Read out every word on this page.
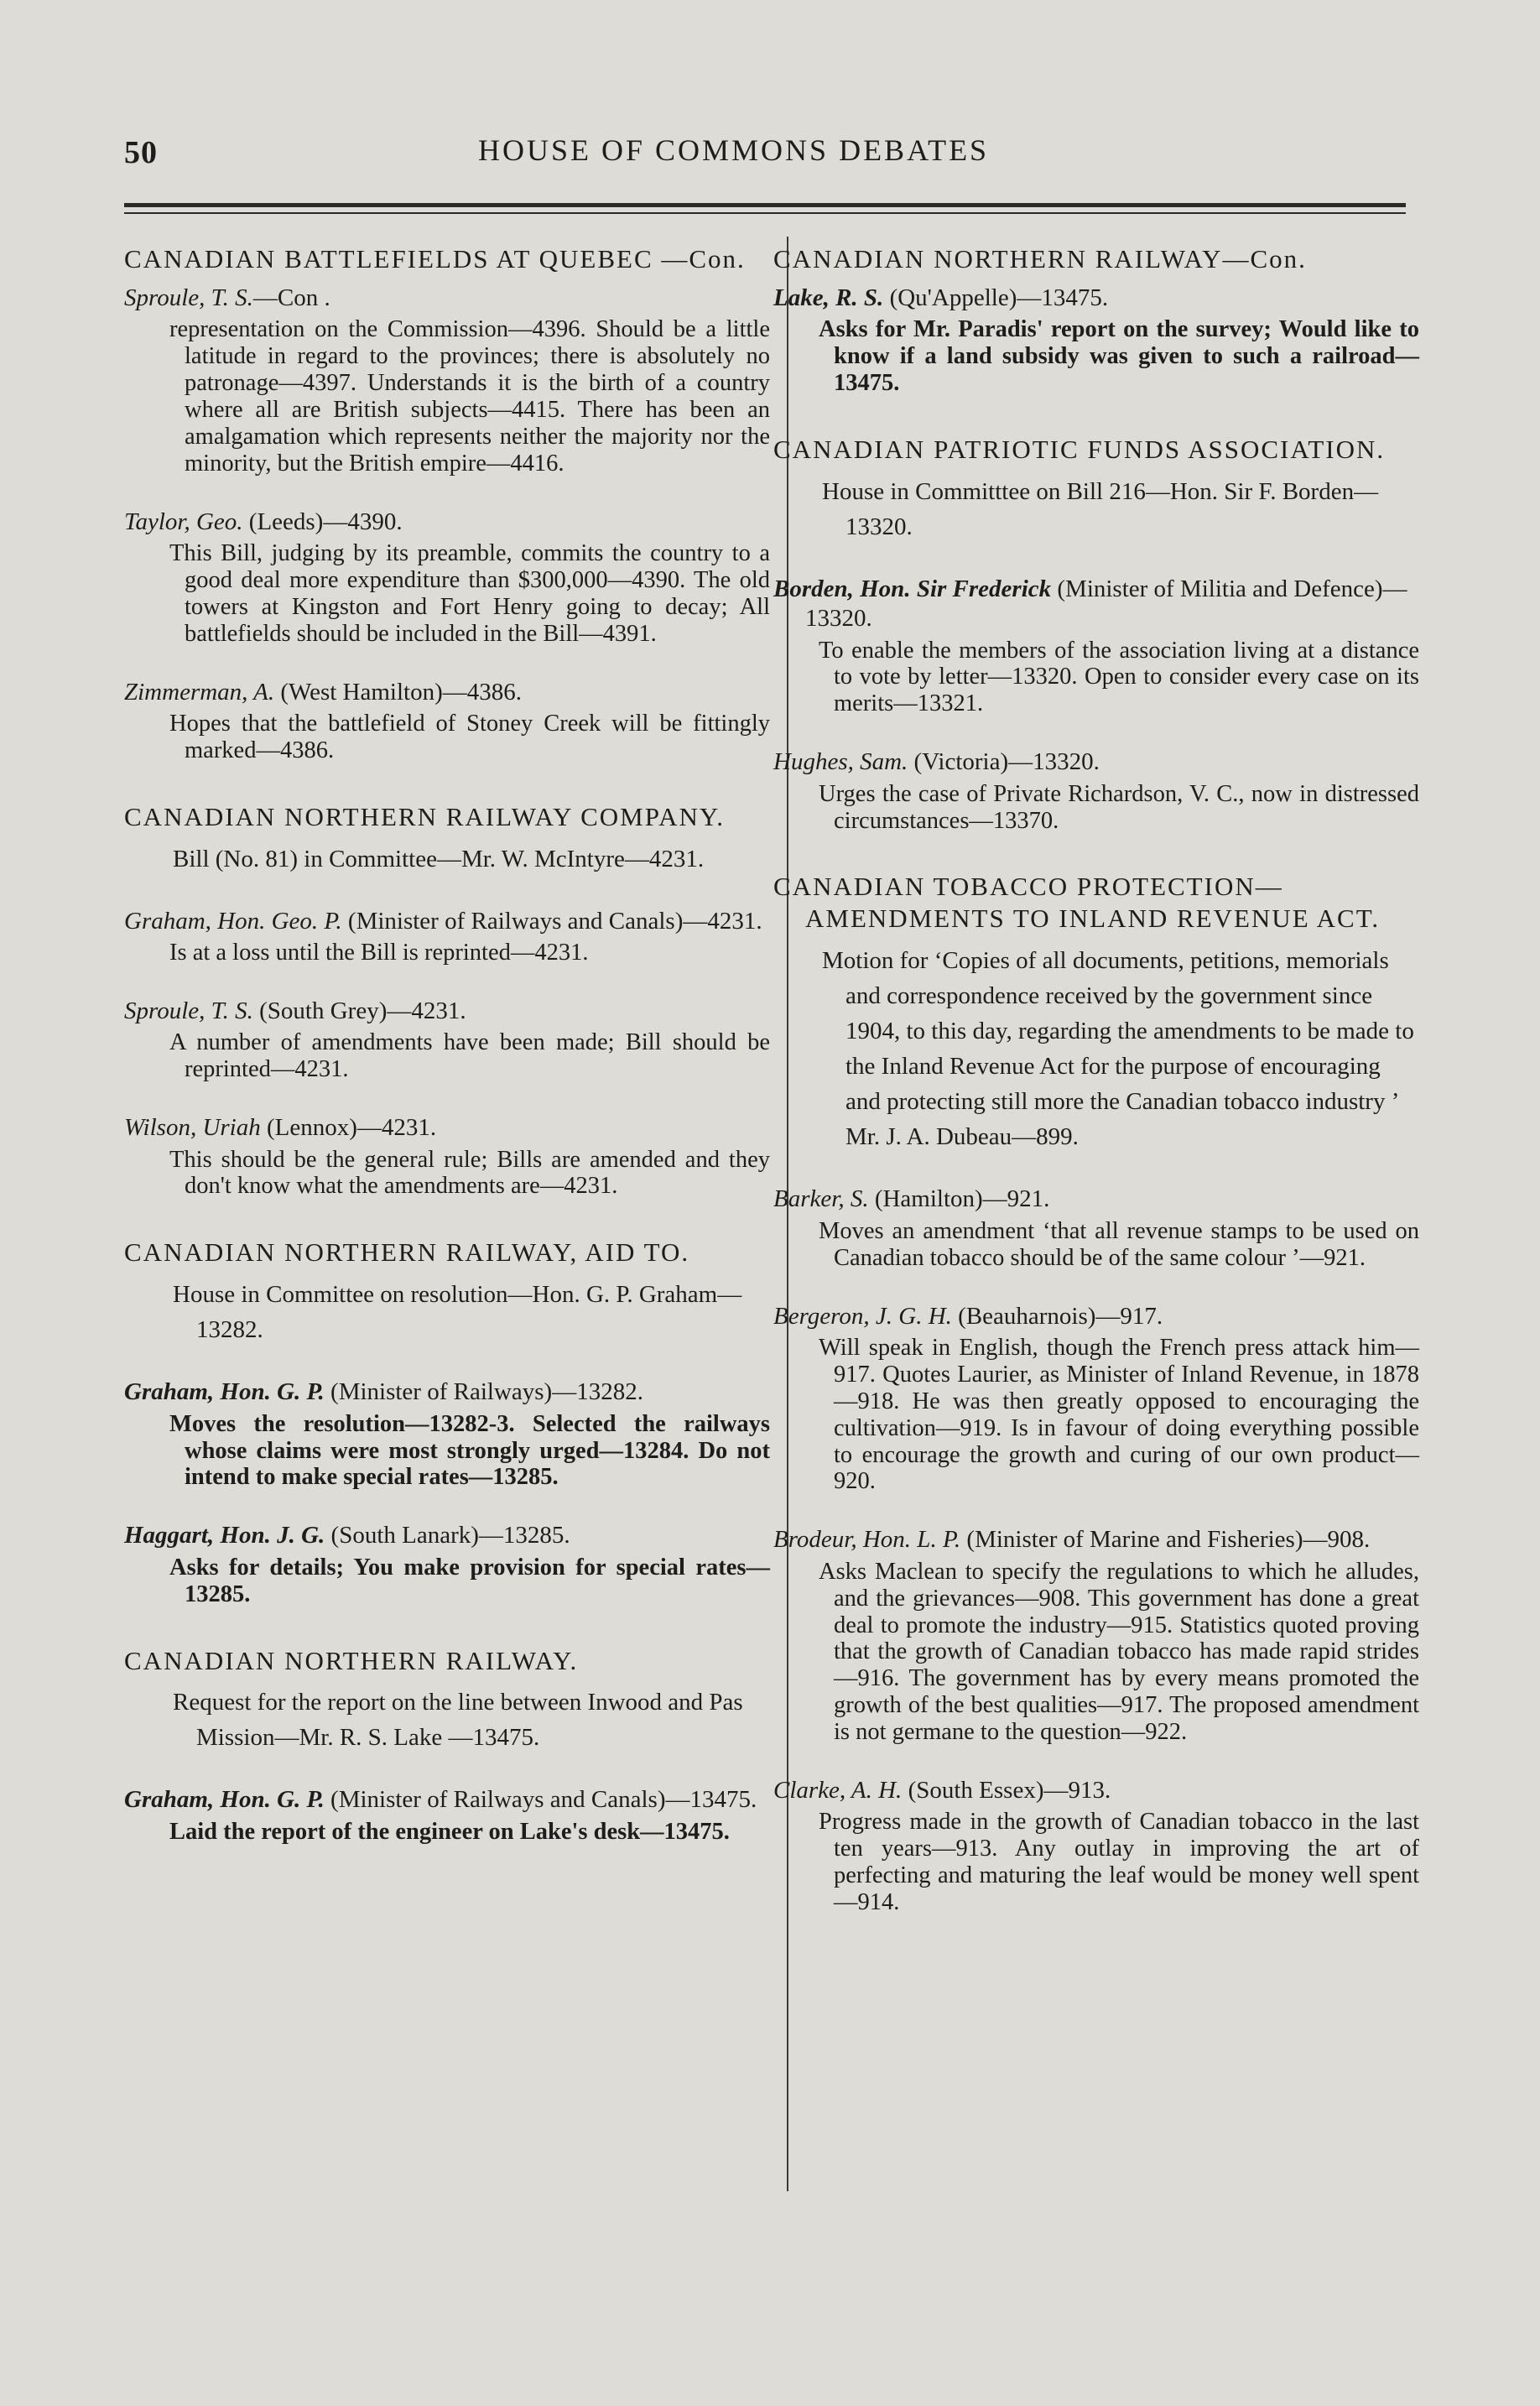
50	HOUSE OF COMMONS DEBATES
CANADIAN BATTLEFIELDS AT QUEBEC —Con.
Sproule, T. S.—Con .
representation on the Commission—4396. Should be a little latitude in regard to the provinces; there is absolutely no patronage—4397. Understands it is the birth of a country where all are British subjects—4415. There has been an amalgamation which represents neither the majority nor the minority, but the British empire—4416.
Taylor, Geo. (Leeds)—4390.
This Bill, judging by its preamble, commits the country to a good deal more expenditure than $300,000—4390. The old towers at Kingston and Fort Henry going to decay; All battlefields should be included in the Bill—4391.
Zimmerman, A. (West Hamilton)—4386.
Hopes that the battlefield of Stoney Creek will be fittingly marked—4386.
CANADIAN NORTHERN RAILWAY COMPANY.
Bill (No. 81) in Committee—Mr. W. McIntyre—4231.
Graham, Hon. Geo. P. (Minister of Railways and Canals)—4231.
Is at a loss until the Bill is reprinted—4231.
Sproule, T. S. (South Grey)—4231.
A number of amendments have been made; Bill should be reprinted—4231.
Wilson, Uriah (Lennox)—4231.
This should be the general rule; Bills are amended and they don't know what the amendments are—4231.
CANADIAN NORTHERN RAILWAY, AID TO.
House in Committee on resolution—Hon. G. P. Graham—13282.
Graham, Hon. G. P. (Minister of Railways)—13282.
Moves the resolution—13282-3. Selected the railways whose claims were most strongly urged—13284. Do not intend to make special rates—13285.
Haggart, Hon. J. G. (South Lanark)—13285.
Asks for details; You make provision for special rates—13285.
CANADIAN NORTHERN RAILWAY.
Request for the report on the line between Inwood and Pas Mission—Mr. R. S. Lake —13475.
Graham, Hon. G. P. (Minister of Railways and Canals)—13475.
Laid the report of the engineer on Lake's desk—13475.
CANADIAN NORTHERN RAILWAY—Con.
Lake, R. S. (Qu'Appelle)—13475.
Asks for Mr. Paradis' report on the survey; Would like to know if a land subsidy was given to such a railroad—13475.
CANADIAN PATRIOTIC FUNDS ASSOCIATION.
House in Committtee on Bill 216—Hon. Sir F. Borden—13320.
Borden, Hon. Sir Frederick (Minister of Militia and Defence)—13320.
To enable the members of the association living at a distance to vote by letter—13320. Open to consider every case on its merits—13321.
Hughes, Sam. (Victoria)—13320.
Urges the case of Private Richardson, V. C., now in distressed circumstances—13370.
CANADIAN TOBACCO PROTECTION—AMENDMENTS TO INLAND REVENUE ACT.
Motion for ‘Copies of all documents, petitions, memorials and correspondence received by the government since 1904, to this day, regarding the amendments to be made to the Inland Revenue Act for the purpose of encouraging and protecting still more the Canadian tobacco industry ’ Mr. J. A. Dubeau—899.
Barker, S. (Hamilton)—921.
Moves an amendment ‘that all revenue stamps to be used on Canadian tobacco should be of the same colour ’—921.
Bergeron, J. G. H. (Beauharnois)—917.
Will speak in English, though the French press attack him—917. Quotes Laurier, as Minister of Inland Revenue, in 1878—918. He was then greatly opposed to encouraging the cultivation—919. Is in favour of doing everything possible to encourage the growth and curing of our own product—920.
Brodeur, Hon. L. P. (Minister of Marine and Fisheries)—908.
Asks Maclean to specify the regulations to which he alludes, and the grievances—908. This government has done a great deal to promote the industry—915. Statistics quoted proving that the growth of Canadian tobacco has made rapid strides—916. The government has by every means promoted the growth of the best qualities—917. The proposed amendment is not germane to the question—922.
Clarke, A. H. (South Essex)—913.
Progress made in the growth of Canadian tobacco in the last ten years—913. Any outlay in improving the art of perfecting and maturing the leaf would be money well spent—914.
